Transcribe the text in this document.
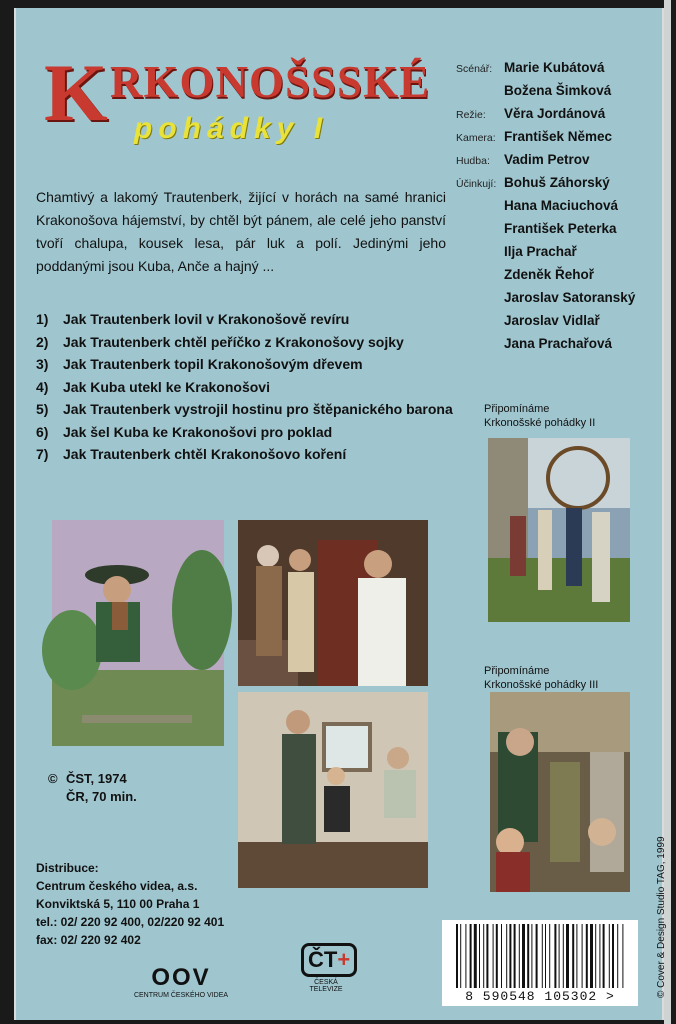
K RKONOŠSSKÉ
pohádky I
Chamtivý a lakomý Trautenberk, žijící v horách na samé hranici Krakonošova hájemství, by chtěl být pánem, ale celé jeho panství tvoří chalupa, kousek lesa, pár luk a polí. Jedinými jeho poddanými jsou Kuba, Anče a hajný ...
1) Jak Trautenberk lovil v Krakonošově revíru
2) Jak Trautenberk chtěl peříčko z Krakonošovy sojky
3) Jak Trautenberk topil Krakonošovým dřevem
4) Jak Kuba utekl ke Krakonošovi
5) Jak Trautenberk vystrojil hostinu pro štěpanického barona
6) Jak šel Kuba ke Krakonošovi pro poklad
7) Jak Trautenberk chtěl Krakonošovo koření
Scénář: Marie Kubátová
Božena Šimková
Režie: Věra Jordánová
Kamera: František Němec
Hudba: Vadim Petrov
Účinkují: Bohuš Záhorský
Hana Maciuchová
František Peterka
Ilja Prachař
Zdeněk Řehoř
Jaroslav Satoranský
Jaroslav Vidlař
Jana Prachařová
Připomínáme
Krkonošské pohádky II
Připomínáme
Krkonošské pohádky III
© ČST, 1974
ČR, 70 min.
Distribuce:
Centrum českého videa, a.s.
Konviktská 5, 110 00 Praha 1
tel.: 02/ 220 92 400, 02/220 92 401
fax: 02/ 220 92 402
OOV
CENTRUM ČESKÉHO VIDEA
ČT+
ČESKÁ TELEVIZE	8 590548 105302 >	© Cover & Design Studio TAG, 1999
